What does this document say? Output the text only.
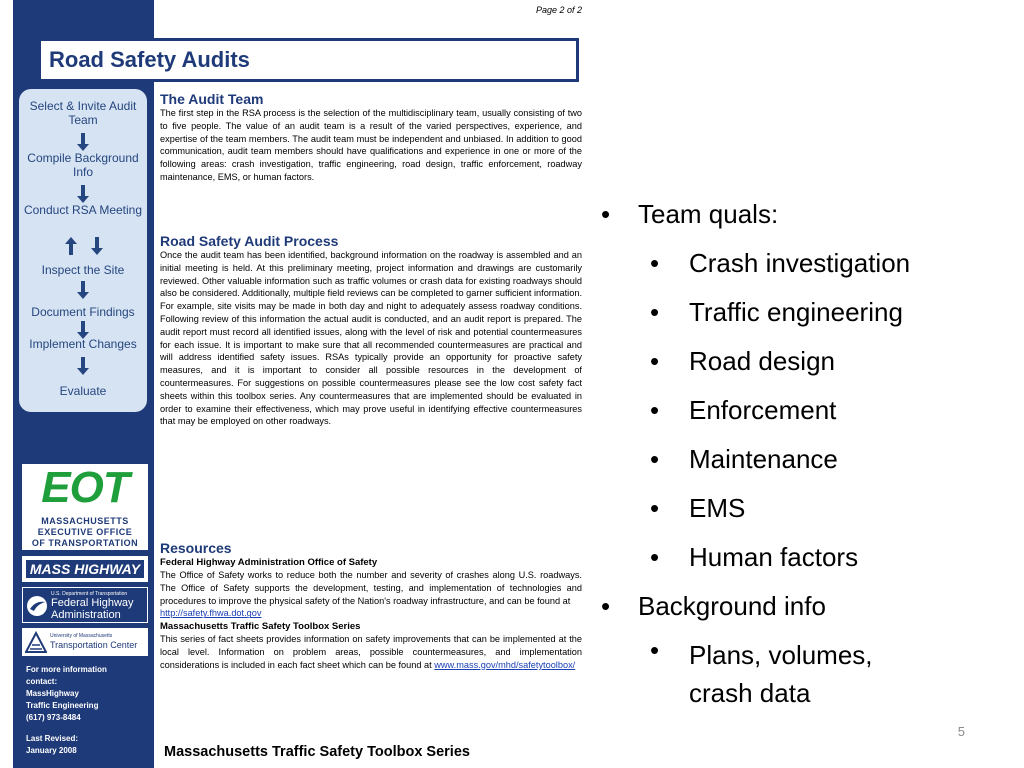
Page 2 of 2
Road Safety Audits
Select & Invite Audit Team
Compile Background Info
Conduct RSA Meeting
Inspect the Site
Document Findings
Implement Changes
Evaluate
EOT
MASSACHUSETTS
EXECUTIVE OFFICE
OF TRANSPORTATION
MASS HIGHWAY
U.S. Department of Transportation
Federal Highway
Administration
University of Massachusetts
Transportation Center
For more information
contact:
MassHighway
Traffic Engineering
(617) 973-8484
Last Revised:
January 2008
The Audit Team
The first step in the RSA process is the selection of the multidisciplinary team, usually consisting of two to five people. The value of an audit team is a result of the varied perspectives, experience, and expertise of the team members. The audit team must be independent and unbiased. In addition to good communication, audit team members should have qualifications and experience in one or more of the following areas: crash investigation, traffic engineering, road design, traffic enforcement, roadway maintenance, EMS, or human factors.
Road Safety Audit Process
Once the audit team has been identified, background information on the roadway is assembled and an initial meeting is held. At this preliminary meeting, project information and drawings are customarily reviewed. Other valuable information such as traffic volumes or crash data for existing roadways should also be considered. Additionally, multiple field reviews can be completed to garner sufficient information. For example, site visits may be made in both day and night to adequately assess roadway conditions. Following review of this information the actual audit is conducted, and an audit report is prepared. The audit report must record all identified issues, along with the level of risk and potential countermeasures for each issue. It is important to make sure that all recommended countermeasures are practical and will address identified safety issues. RSAs typically provide an opportunity for proactive safety measures, and it is important to consider all possible resources in the development of countermeasures. For suggestions on possible countermeasures please see the low cost safety fact sheets within this toolbox series. Any countermeasures that are implemented should be evaluated in order to examine their effectiveness, which may prove useful in identifying effective countermeasures that may be employed on other roadways.
Resources
Federal Highway Administration Office of Safety
The Office of Safety works to reduce both the number and severity of crashes along U.S. roadways. The Office of Safety supports the development, testing, and implementation of technologies and procedures to improve the physical safety of the Nation's roadway infrastructure, and can be found at
http://safety.fhwa.dot.gov
Massachusetts Traffic Safety Toolbox Series
This series of fact sheets provides information on safety improvements that can be implemented at the local level. Information on problem areas, possible countermeasures, and implementation considerations is included in each fact sheet which can be found at www.mass.gov/mhd/safetytoolbox/
Massachusetts Traffic Safety Toolbox Series
• Team quals:
• Crash investigation
• Traffic engineering
• Road design
• Enforcement
• Maintenance
• EMS
• Human factors
• Background info
• Plans, volumes, crash data
5
